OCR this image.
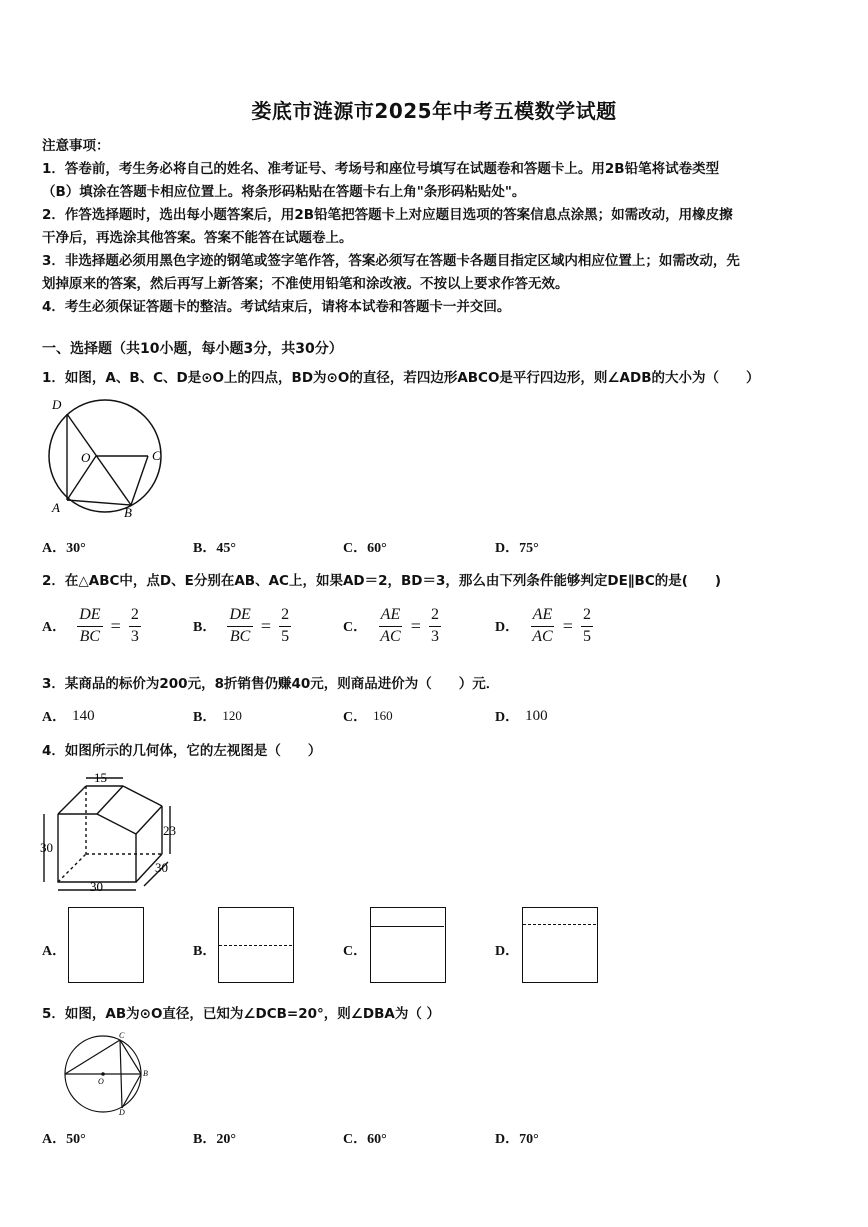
娄底市涟源市2025年中考五模数学试题
注意事项：
1．答卷前，考生务必将自己的姓名、准考证号、考场号和座位号填写在试题卷和答题卡上。用2B铅笔将试卷类型
（B）填涂在答题卡相应位置上。将条形码粘贴在答题卡右上角"条形码粘贴处"。
2．作答选择题时，选出每小题答案后，用2B铅笔把答题卡上对应题目选项的答案信息点涂黑；如需改动，用橡皮擦
干净后，再选涂其他答案。答案不能答在试题卷上。
3．非选择题必须用黑色字迹的钢笔或签字笔作答，答案必须写在答题卡各题目指定区域内相应位置上；如需改动，先
划掉原来的答案，然后再写上新答案；不准使用铅笔和涂改液。不按以上要求作答无效。
4．考生必须保证答题卡的整洁。考试结束后，请将本试卷和答题卡一并交回。
一、选择题（共10小题，每小题3分，共30分）
1．如图，A、B、C、D是⊙O上的四点，BD为⊙O的直径，若四边形ABCO是平行四边形，则∠ADB的大小为（　　）
D
O	C
A	B
A．30°	B．45°	C．60°	D．75°
2．在△ABC中，点D、E分别在AB、AC上，如果AD＝2，BD＝3，那么由下列条件能够判定DE∥BC的是(　　)
A． $\frac{DE}{BC} = \frac{2}{3}$	B． $\frac{DE}{BC} = \frac{2}{5}$	C． $\frac{AE}{AC} = \frac{2}{3}$	D． $\frac{AE}{AC} = \frac{2}{5}$
3．某商品的标价为200元，8折销售仍赚40元，则商品进价为（　　）元．
A． 140	B． 120	C． 160	D． 100
4．如图所示的几何体，它的左视图是（　　）
15
23
30
30
30
A．	B．	C．	D．
5．如图，AB为⊙O直径，已知为∠DCB=20°，则∠DBA为（ ）
C
O
B
D
A．50°	B．20°	C．60°	D．70°
